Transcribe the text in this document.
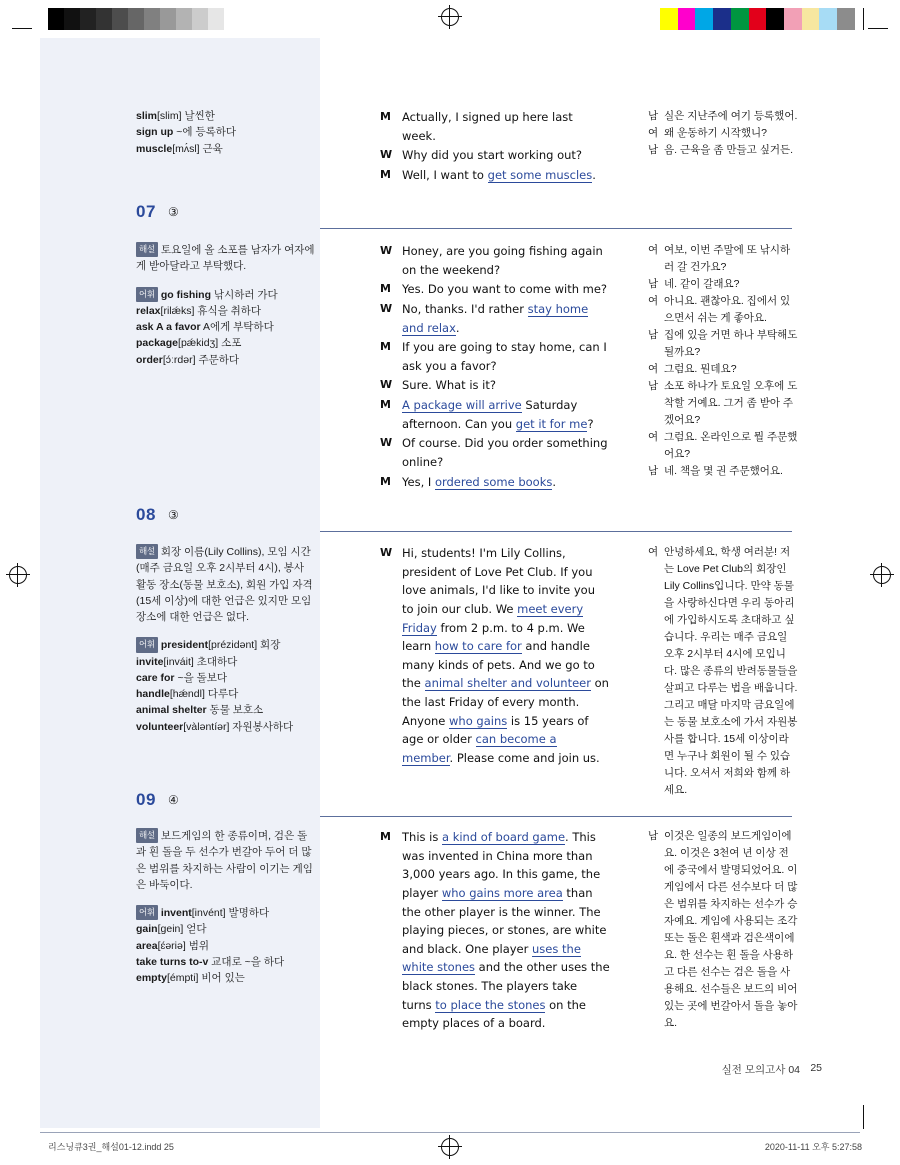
slim[slim] 날씬한

sign up ~에 등록하다

muscle[mʌ́sl] 근육

M Actually, I signed up here last week.
W Why did you start working out?
M Well, I want to get some muscles.
남 실은 지난주에 여기 등록했어.
여 왜 운동하기 시작했니?
남 음. 근육을 좀 만들고 싶거든.
07 ③

해설 토요일에 올 소포를 남자가 여자에게 받아달라고 부탁했다.

어휘 go fishing 낚시하러 가다

relax[rilǽks] 휴식을 취하다

ask A a favor A에게 부탁하다

package[pǽkidʒ] 소포

order[ɔ́ːrdər] 주문하다

W Honey, are you going fishing again on the weekend?
M Yes. Do you want to come with me?
W No, thanks. I'd rather stay home and relax.
M If you are going to stay home, can I ask you a favor?
W Sure. What is it?
M A package will arrive Saturday afternoon. Can you get it for me?
W Of course. Did you order something online?
M Yes, I ordered some books.
여 여보, 이번 주말에 또 낚시하러 갈 건가요?
남 네. 같이 갈래요?
여 아니요. 괜찮아요. 집에서 있으면서 쉬는 게 좋아요.
남 집에 있을 거면 하나 부탁해도 될까요?
여 그럼요. 뭔데요?
남 소포 하나가 토요일 오후에 도착할 거예요. 그거 좀 받아 주겠어요?
여 그럼요. 온라인으로 뭘 주문했어요?
남 네. 책을 몇 권 주문했어요.
08 ③

해설 회장 이름(Lily Collins), 모임 시간(매주 금요일 오후 2시부터 4시), 봉사 활동 장소(동물 보호소), 회원 가입 자격(15세 이상)에 대한 언급은 있지만 모임 장소에 대한 언급은 없다.

어휘 president[prézidənt] 회장

invite[inváit] 초대하다

care for ~을 돌보다

handle[hǽndl] 다루다

animal shelter 동물 보호소

volunteer[vàləntíər] 자원봉사하다

W Hi, students! I'm Lily Collins, president of Love Pet Club. If you love animals, I'd like to invite you to join our club. We meet every Friday from 2 p.m. to 4 p.m. We learn how to care for and handle many kinds of pets. And we go to the animal shelter and volunteer on the last Friday of every month. Anyone who gains is 15 years of age or older can become a member. Please come and join us.
여 안녕하세요, 학생 여러분! 저는 Love Pet Club의 회장인 Lily Collins입니다. 만약 동물을 사랑하신다면 우리 동아리에 가입하시도록 초대하고 싶습니다. 우리는 매주 금요일 오후 2시부터 4시에 모입니다. 많은 종류의 반려동물들을 살피고 다루는 법을 배웁니다. 그리고 매달 마지막 금요일에는 동물 보호소에 가서 자원봉사를 합니다. 15세 이상이라면 누구나 회원이 될 수 있습니다. 오셔서 저희와 함께 하세요.
09 ④

해설 보드게임의 한 종류이며, 검은 돌과 흰 돌을 두 선수가 번갈아 두어 더 많은 범위를 차지하는 사람이 이기는 게임은 바둑이다.

어휘 invent[invént] 발명하다

gain[gein] 얻다

area[ɛ́əriə] 범위

take turns to-v 교대로 ~을 하다

empty[émpti] 비어 있는

M This is a kind of board game. This was invented in China more than 3,000 years ago. In this game, the player who gains more area than the other player is the winner. The playing pieces, or stones, are white and black. One player uses the white stones and the other uses the black stones. The players take turns to place the stones on the empty places of a board.
남 이것은 일종의 보드게임이에요. 이것은 3천여 년 이상 전에 중국에서 발명되었어요. 이 게임에서 다른 선수보다 더 많은 범위를 차지하는 선수가 승자예요. 게임에 사용되는 조각 또는 돌은 흰색과 검은색이에요. 한 선수는 흰 돌을 사용하고 다른 선수는 검은 돌을 사용해요. 선수들은 보드의 비어 있는 곳에 번갈아서 돌을 놓아요.
실전 모의고사 04 25
리스닝큐3권_해설01-12.indd 25	2020-11-11 오후 5:27:58
